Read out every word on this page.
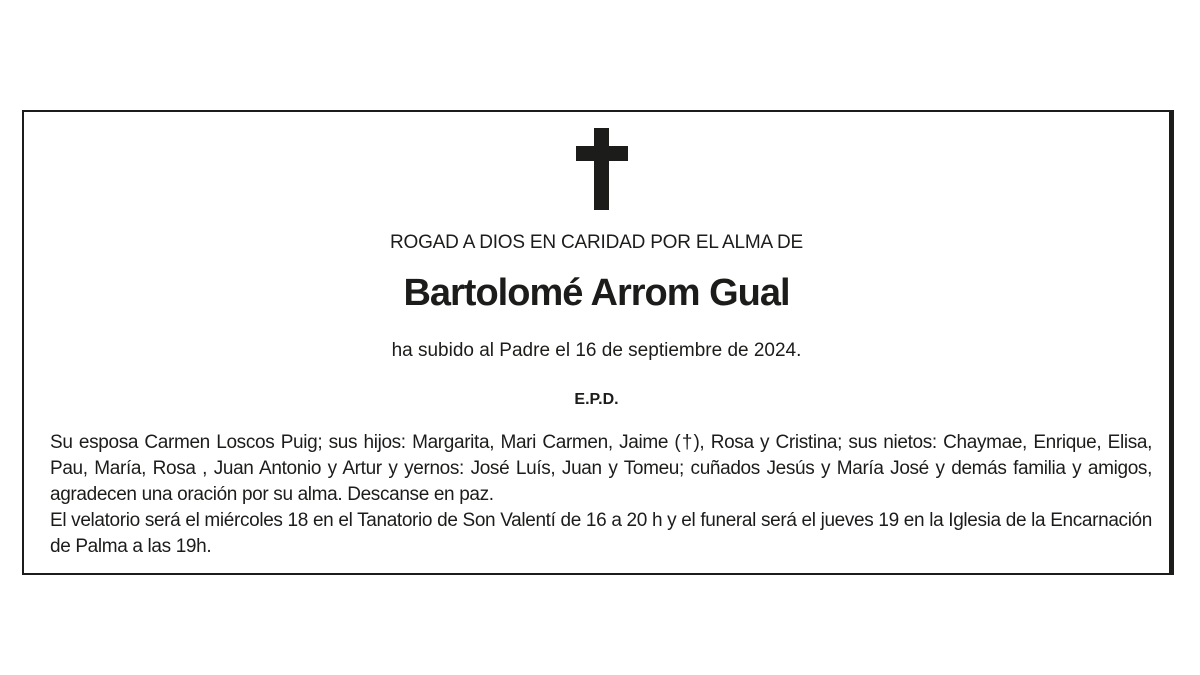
ROGAD A DIOS EN CARIDAD POR EL ALMA DE
Bartolomé Arrom Gual
ha subido al Padre el 16 de septiembre de 2024.
E.P.D.

Su esposa Carmen Loscos Puig; sus hijos: Margarita, Mari Carmen, Jaime (†), Rosa y Cristina; sus nietos: Chaymae, Enrique, Elisa, Pau, María, Rosa , Juan Antonio y Artur y yernos: José Luís, Juan y Tomeu; cuñados Jesús y María José y demás familia y amigos, agradecen una oración por su alma. Descanse en paz.

El velatorio será el miércoles 18 en el Tanatorio de Son Valentí de 16 a 20 h y el funeral será el jueves 19 en la Iglesia de la Encarnación de Palma a las 19h.
